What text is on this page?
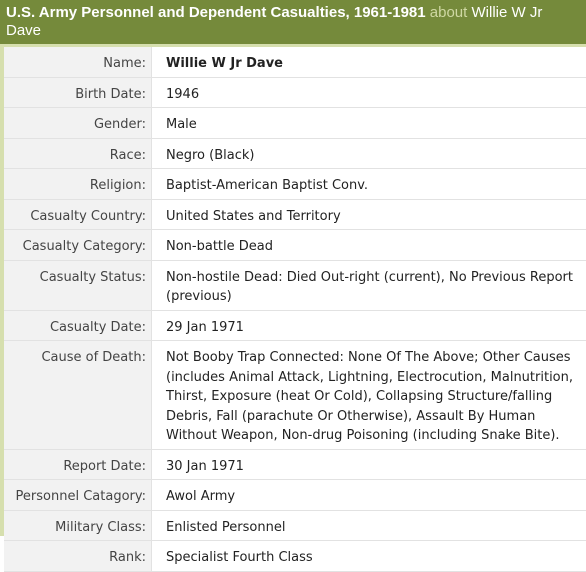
U.S. Army Personnel and Dependent Casualties, 1961-1981 about Willie W Jr Dave
Name:	Willie W Jr Dave
Birth Date:	1946
Gender:	Male
Race:	Negro (Black)
Religion:	Baptist-American Baptist Conv.
Casualty Country:	United States and Territory
Casualty Category:	Non-battle Dead
Casualty Status:	Non-hostile Dead: Died Out-right (current), No Previous Report (previous)
Casualty Date:	29 Jan 1971
Cause of Death:	Not Booby Trap Connected: None Of The Above; Other Causes (includes Animal Attack, Lightning, Electrocution, Malnutrition, Thirst, Exposure (heat Or Cold), Collapsing Structure/falling Debris, Fall (parachute Or Otherwise), Assault By Human Without Weapon, Non-drug Poisoning (including Snake Bite).
Report Date:	30 Jan 1971
Personnel Catagory:	Awol Army
Military Class:	Enlisted Personnel
Rank:	Specialist Fourth Class
